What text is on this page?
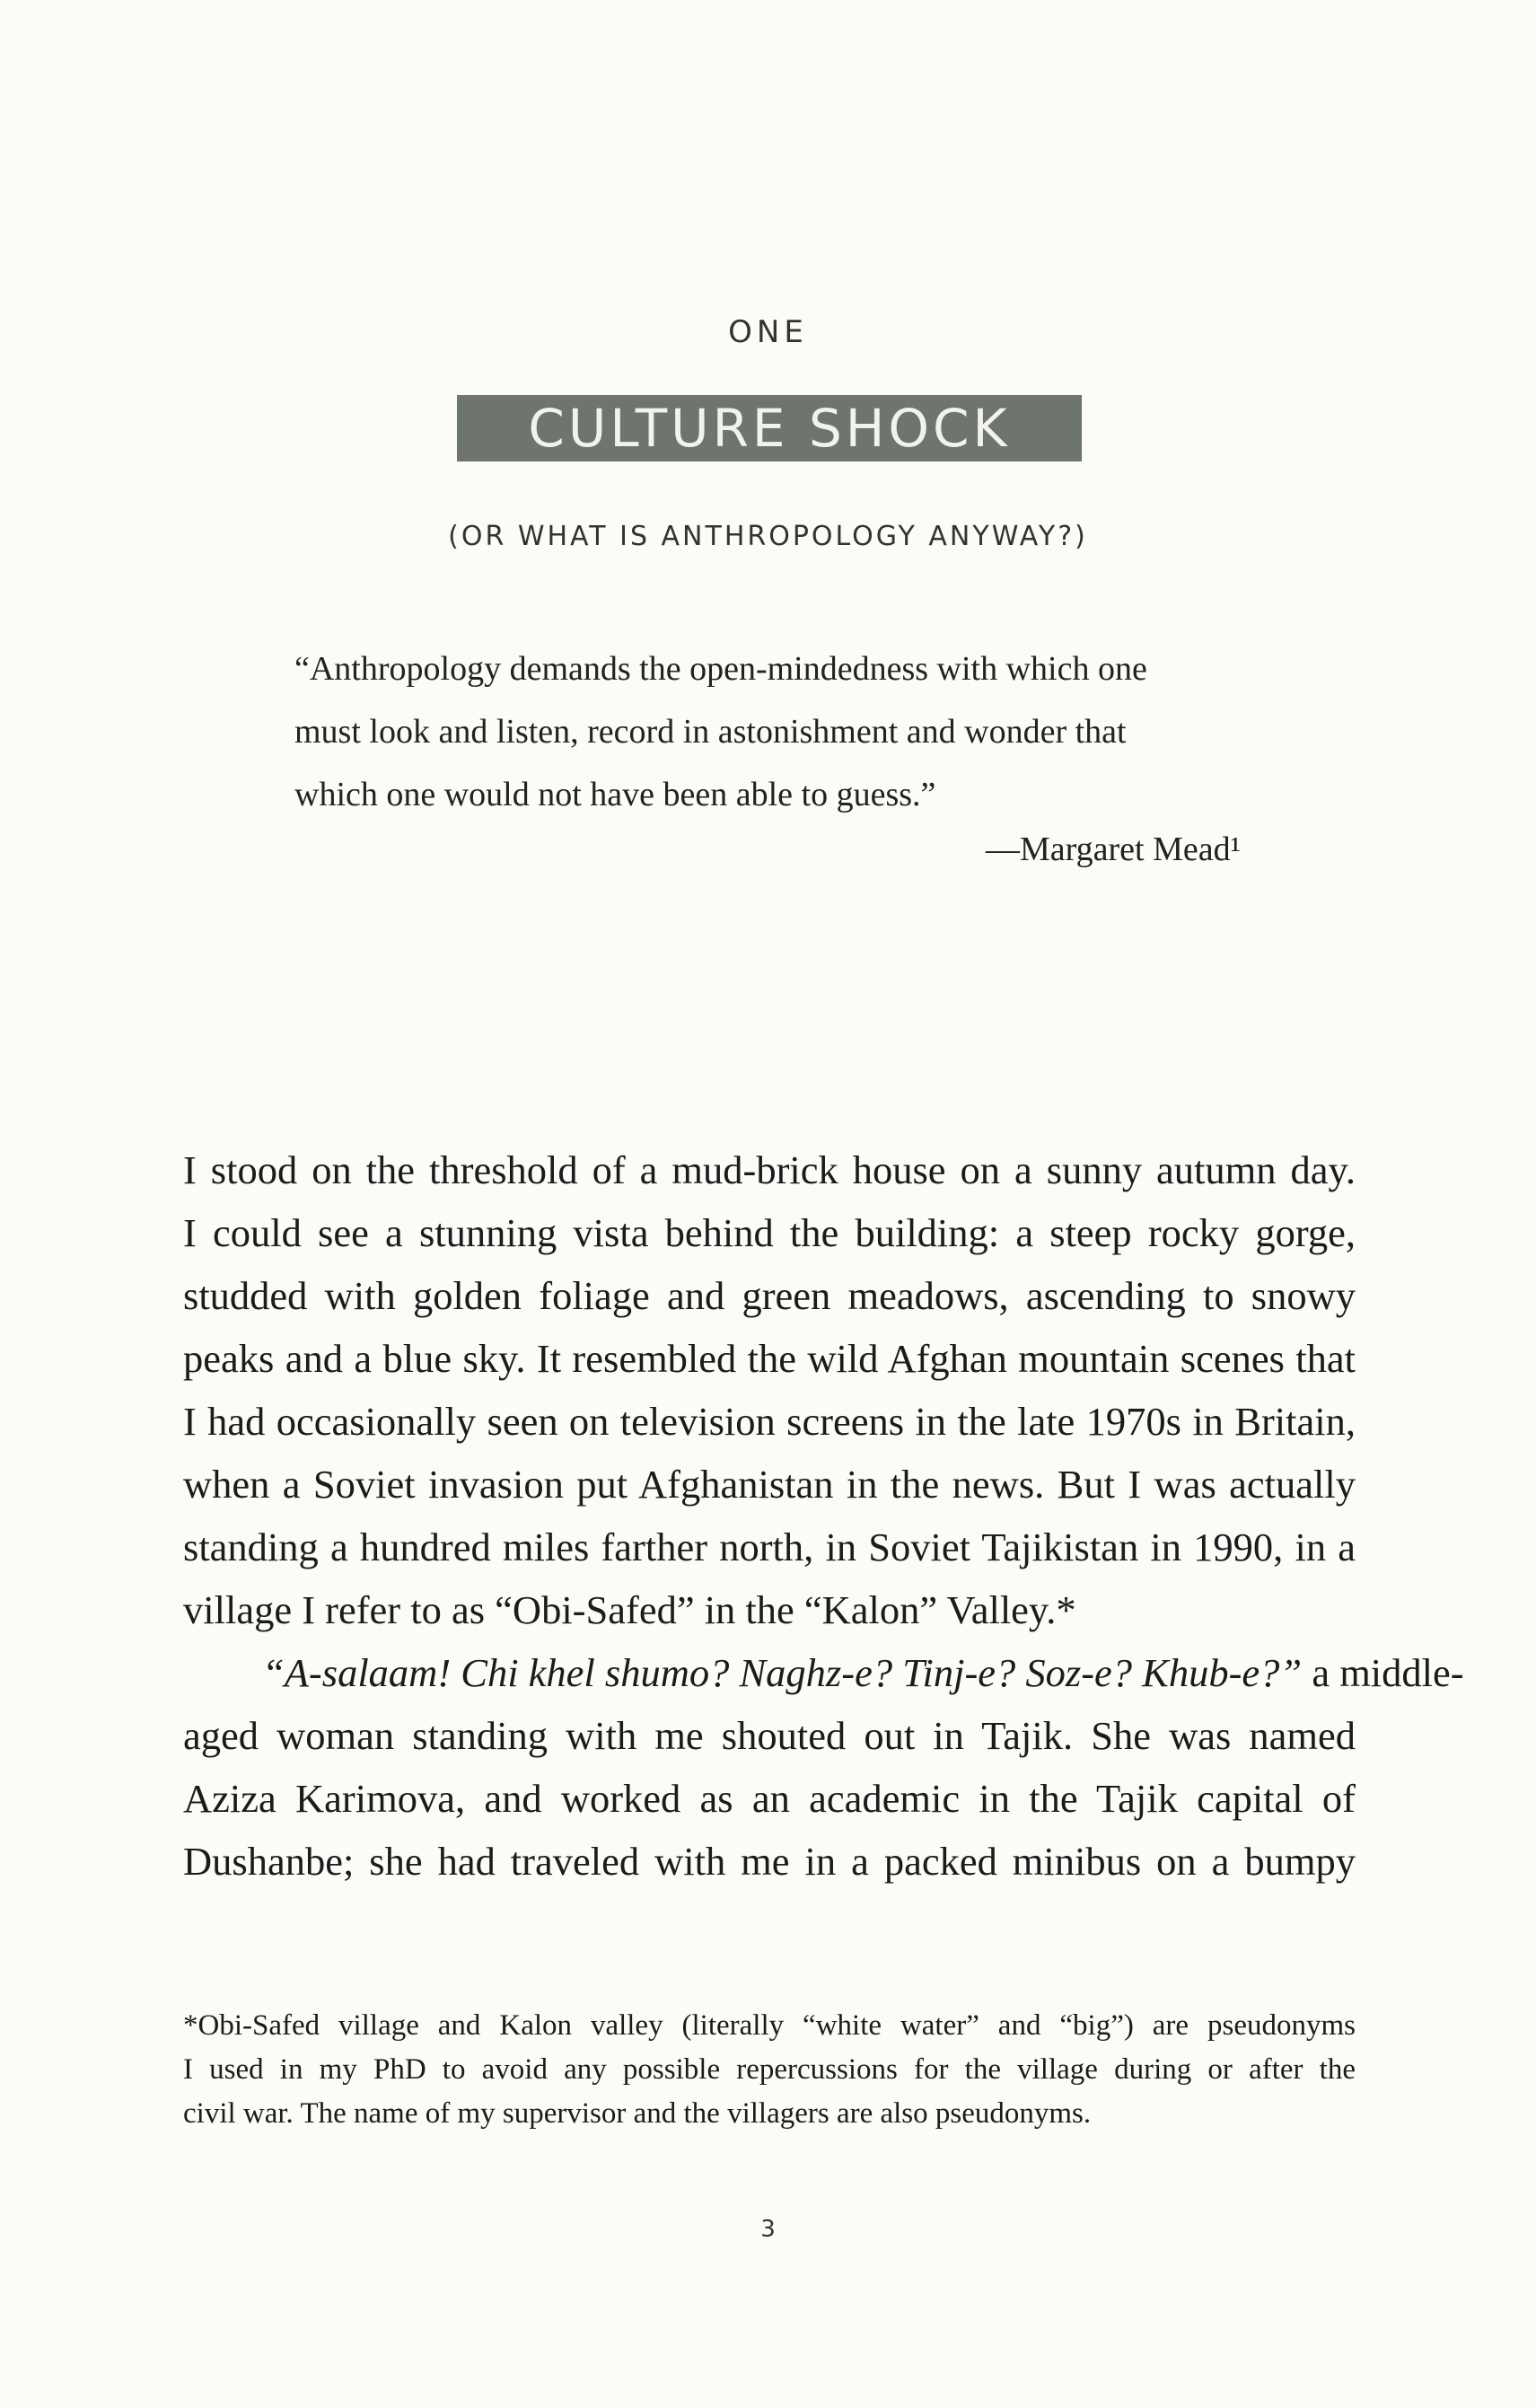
ONE
CULTURE SHOCK
(OR WHAT IS ANTHROPOLOGY ANYWAY?)
“Anthropology demands the open-mindedness with which one
must look and listen, record in astonishment and wonder that
which one would not have been able to guess.”
—Margaret Mead¹
I stood on the threshold of a mud-brick house on a sunny autumn day.
I could see a stunning vista behind the building: a steep rocky gorge,
studded with golden foliage and green meadows, ascending to snowy
peaks and a blue sky. It resembled the wild Afghan mountain scenes that
I had occasionally seen on television screens in the late 1970s in Britain,
when a Soviet invasion put Afghanistan in the news. But I was actually
standing a hundred miles farther north, in Soviet Tajikistan in 1990, in a
village I refer to as “Obi-Safed” in the “Kalon” Valley.*
“A-salaam! Chi khel shumo? Naghz-e? Tinj-e? Soz-e? Khub-e?” a middle-
aged woman standing with me shouted out in Tajik. She was named
Aziza Karimova, and worked as an academic in the Tajik capital of
Dushanbe; she had traveled with me in a packed minibus on a bumpy
*Obi-Safed village and Kalon valley (literally “white water” and “big”) are pseudonyms
I used in my PhD to avoid any possible repercussions for the village during or after the
civil war. The name of my supervisor and the villagers are also pseudonyms.
3
